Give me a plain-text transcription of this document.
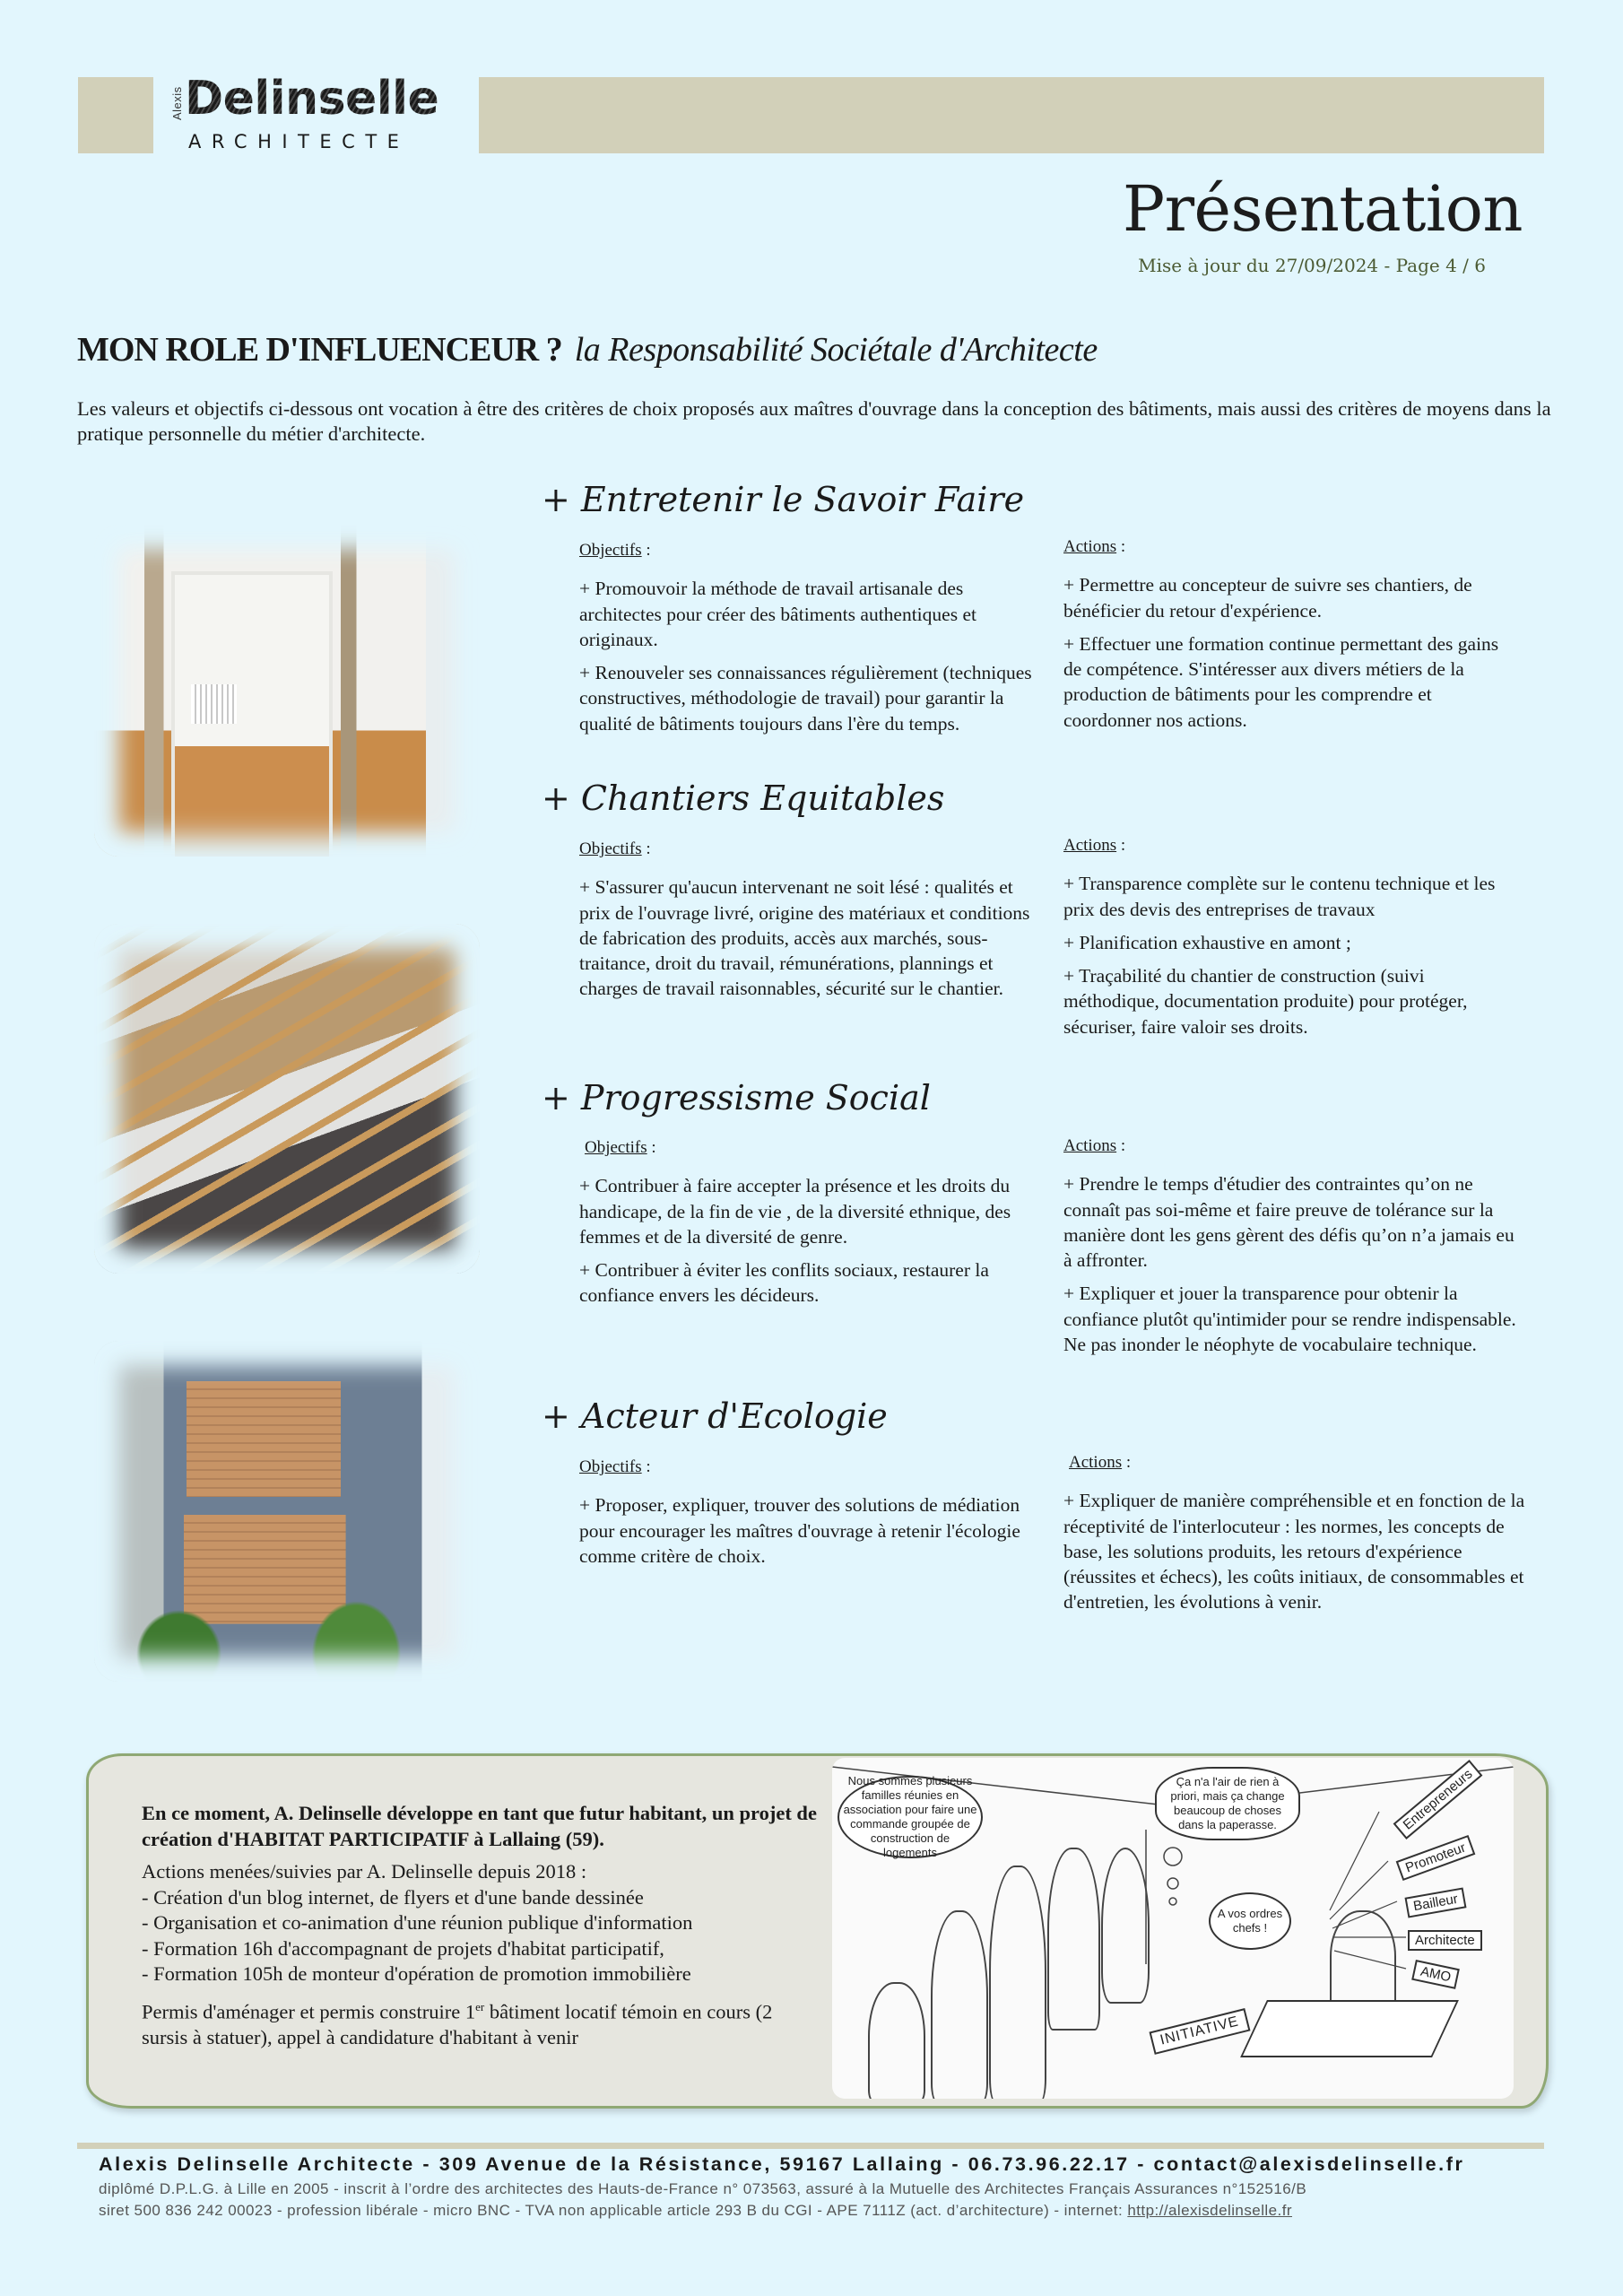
Alexis Delinselle
ARCHITECTE
Présentation
Mise à jour du 27/09/2024 - Page 4 / 6
MON ROLE D'INFLUENCEUR ? la Responsabilité Sociétale d'Architecte
Les valeurs et objectifs ci-dessous ont vocation à être des critères de choix proposés aux maîtres d'ouvrage dans la conception des bâtiments, mais aussi des critères de moyens dans la pratique personnelle du métier d'architecte.
+ Entretenir le Savoir Faire
Objectifs :

+ Promouvoir la méthode de travail artisanale des architectes pour créer des bâtiments authentiques et originaux.

+ Renouveler ses connaissances régulièrement (techniques constructives, méthodologie de travail) pour garantir la qualité de bâtiments toujours dans l'ère du temps.

Actions :

+ Permettre au concepteur de suivre ses chantiers, de bénéficier du retour d'expérience.

+ Effectuer une formation continue permettant des gains de compétence. S'intéresser aux divers métiers de la production de bâtiments pour les comprendre et coordonner nos actions.

+ Chantiers Equitables
Objectifs :

+ S'assurer qu'aucun intervenant ne soit lésé : qualités et prix de l'ouvrage livré, origine des matériaux et conditions de fabrication des produits, accès aux marchés, sous-traitance, droit du travail, rémunérations, plannings et charges de travail raisonnables, sécurité sur le chantier.

Actions :

+ Transparence complète sur le contenu technique et les prix des devis des entreprises de travaux

+ Planification exhaustive en amont ;

+ Traçabilité du chantier de construction (suivi méthodique, documentation produite) pour protéger, sécuriser, faire valoir ses droits.

+ Progressisme Social
Objectifs :

+ Contribuer à faire accepter la présence et les droits du handicape, de la fin de vie , de la diversité ethnique, des femmes et de la diversité de genre.

+ Contribuer à éviter les conflits sociaux, restaurer la confiance envers les décideurs.

Actions :

+ Prendre le temps d'étudier des contraintes qu’on ne connaît pas soi-même et faire preuve de tolérance sur la manière dont les gens gèrent des défis qu’on n’a jamais eu à affronter.

+ Expliquer et jouer la transparence pour obtenir la confiance plutôt qu'intimider pour se rendre indispensable. Ne pas inonder le néophyte de vocabulaire technique.

+ Acteur d'Ecologie
Objectifs :

+ Proposer, expliquer, trouver des solutions de médiation pour encourager les maîtres d'ouvrage à retenir l'écologie comme critère de choix.

Actions :

+ Expliquer de manière compréhensible et en fonction de la réceptivité de l'interlocuteur : les normes, les concepts de base, les solutions produits, les retours d'expérience (réussites et échecs), les coûts initiaux, de consommables et d'entretien, les évolutions à venir.

En ce moment, A. Delinselle développe en tant que futur habitant, un projet de création d'HABITAT PARTICIPATIF à Lallaing (59).
Actions menées/suivies par A. Delinselle depuis 2018 :
- Création d'un blog internet, de flyers et d'une bande dessinée
- Organisation et co-animation d'une réunion publique d'information
- Formation 16h d'accompagnant de projets d'habitat participatif,
- Formation 105h de monteur d'opération de promotion immobilière
Permis d'aménager et permis construire 1er bâtiment locatif témoin en cours (2 sursis à statuer), appel à candidature d'habitant à venir
Nous sommes plusieurs familles réunies en association pour faire une commande groupée de construction de logements
Ça n'a l'air de rien à priori, mais ça change beaucoup de choses dans la paperasse.
A vos ordres chefs !
INITIATIVE
Entrepreneurs
Promoteur
Bailleur
Architecte
AMO
Alexis Delinselle Architecte - 309 Avenue de la Résistance, 59167 Lallaing - 06.73.96.22.17 - contact@alexisdelinselle.fr
diplômé D.P.L.G. à Lille en 2005 - inscrit à l’ordre des architectes des Hauts-de-France n° 073563, assuré à la Mutuelle des Architectes Français Assurances n°152516/B
siret 500 836 242 00023 - profession libérale - micro BNC - TVA non applicable article 293 B du CGI - APE 7111Z (act. d’architecture) - internet: http://alexisdelinselle.fr
